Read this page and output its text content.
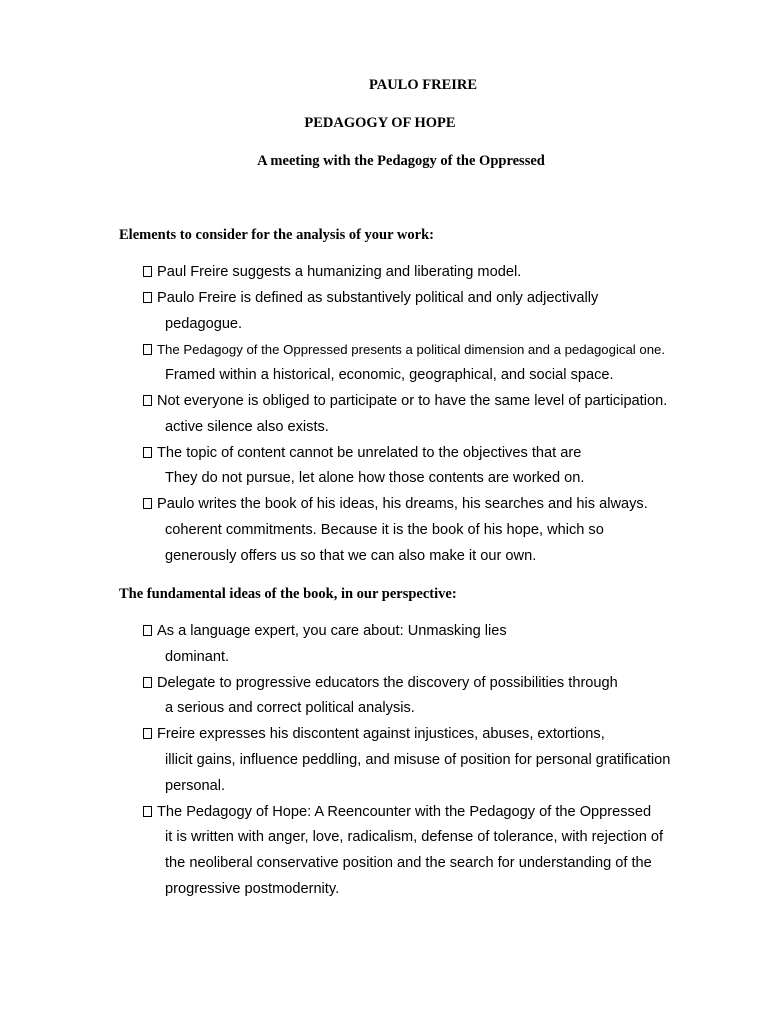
PAULO FREIRE
PEDAGOGY OF HOPE
A meeting with the Pedagogy of the Oppressed
Elements to consider for the analysis of your work:
Paul Freire suggests a humanizing and liberating model.
Paulo Freire is defined as substantively political and only adjectivally
pedagogue.
The Pedagogy of the Oppressed presents a political dimension and a pedagogical one.
Framed within a historical, economic, geographical, and social space.
Not everyone is obliged to participate or to have the same level of participation.
active silence also exists.
The topic of content cannot be unrelated to the objectives that are
They do not pursue, let alone how those contents are worked on.
Paulo writes the book of his ideas, his dreams, his searches and his always.
coherent commitments. Because it is the book of his hope, which so
generously offers us so that we can also make it our own.
The fundamental ideas of the book, in our perspective:
As a language expert, you care about: Unmasking lies
dominant.
Delegate to progressive educators the discovery of possibilities through
a serious and correct political analysis.
Freire expresses his discontent against injustices, abuses, extortions,
illicit gains, influence peddling, and misuse of position for personal gratification
personal.
The Pedagogy of Hope: A Reencounter with the Pedagogy of the Oppressed
it is written with anger, love, radicalism, defense of tolerance, with rejection of
the neoliberal conservative position and the search for understanding of the
progressive postmodernity.
